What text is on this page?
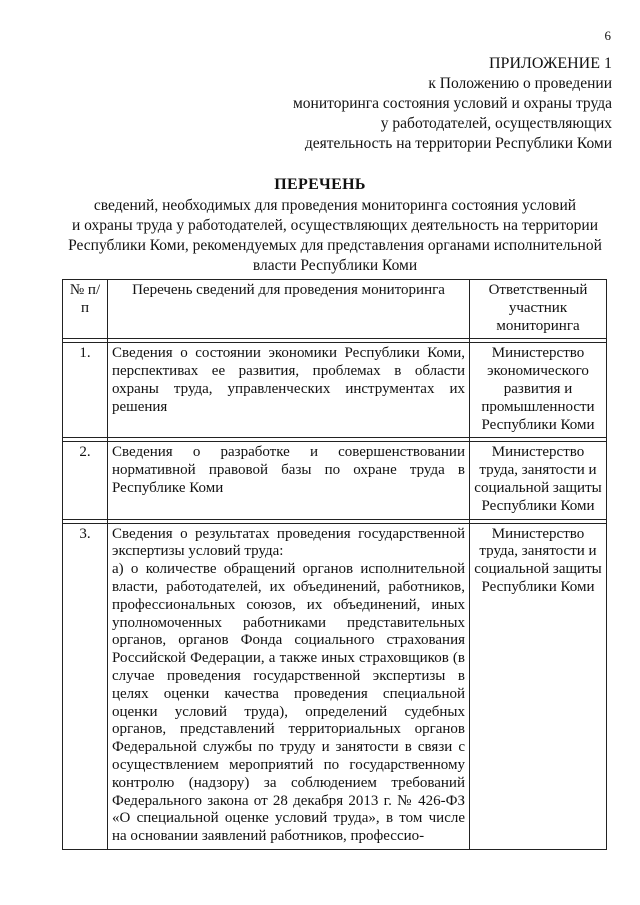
6
ПРИЛОЖЕНИЕ 1
к Положению о проведении
мониторинга состояния условий и охраны труда
у работодателей, осуществляющих
деятельность на территории Республики Коми
ПЕРЕЧЕНЬ
сведений, необходимых для проведения мониторинга состояния условий
и охраны труда у работодателей, осуществляющих деятельность на территории
Республики Коми, рекомендуемых для представления органами исполнительной
власти Республики Коми
№ п/п	Перечень сведений для проведения мониторинга	Ответственный участник мониторинга

1.	Сведения о состоянии экономики Республики Коми, перспективах ее развития, проблемах в области охраны труда, управленческих инструментах их решения	Министерство экономического развития и промышленности Республики Коми

2.	Сведения о разработке и совершенствовании нормативной правовой базы по охране труда в Республике Коми	Министерство труда, занятости и социальной защиты Республики Коми

3.	Сведения о результатах проведения государственной экспертизы условий труда:
а) о количестве обращений органов исполнительной власти, работодателей, их объединений, работников, профессиональных союзов, их объединений, иных уполномоченных работниками представительных органов, органов Фонда социального страхования Российской Федерации, а также иных страховщиков (в случае проведения государственной экспертизы в целях оценки качества проведения специальной оценки условий труда), определений судебных органов, представлений территориальных органов Федеральной службы по труду и занятости в связи с осуществлением мероприятий по государственному контролю (надзору) за соблюдением требований Федерального закона от 28 декабря 2013 г. № 426-ФЗ «О специальной оценке условий труда», в том числе на основании заявлений работников, профессио-	Министерство труда, занятости и социальной защиты Республики Коми
